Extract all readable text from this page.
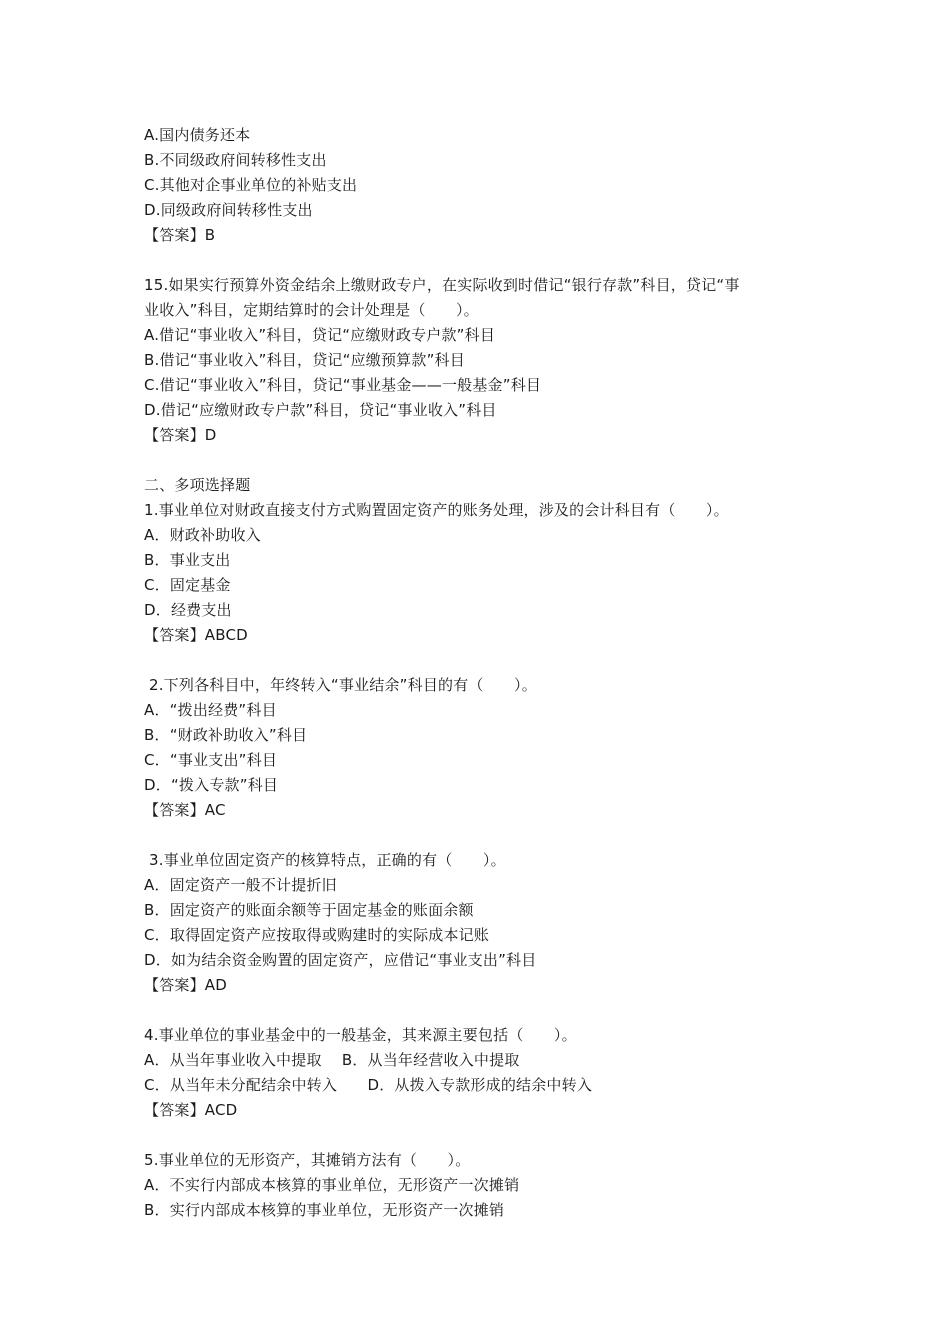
A.国内债务还本
B.不同级政府间转移性支出
C.其他对企事业单位的补贴支出
D.同级政府间转移性支出
【答案】B
15.如果实行预算外资金结余上缴财政专户，在实际收到时借记“银行存款”科目，贷记“事
业收入”科目，定期结算时的会计处理是（　　）。
A.借记“事业收入”科目，贷记“应缴财政专户款”科目
B.借记“事业收入”科目，贷记“应缴预算款”科目
C.借记“事业收入”科目，贷记“事业基金——一般基金”科目
D.借记“应缴财政专户款”科目，贷记“事业收入”科目
【答案】D
二、多项选择题
1.事业单位对财政直接支付方式购置固定资产的账务处理，涉及的会计科目有（　　）。
A．财政补助收入
B．事业支出
C．固定基金
D．经费支出
【答案】ABCD
2.下列各科目中，年终转入“事业结余”科目的有（　　）。
A．“拨出经费”科目
B．“财政补助收入”科目
C．“事业支出”科目
D．“拨入专款”科目
【答案】AC
3.事业单位固定资产的核算特点，正确的有（　　）。
A．固定资产一般不计提折旧
B．固定资产的账面余额等于固定基金的账面余额
C．取得固定资产应按取得或购建时的实际成本记账
D．如为结余资金购置的固定资产，应借记“事业支出”科目
【答案】AD
4.事业单位的事业基金中的一般基金，其来源主要包括（　　）。
A．从当年事业收入中提取　 B．从当年经营收入中提取
C．从当年未分配结余中转入　　D．从拨入专款形成的结余中转入
【答案】ACD
5.事业单位的无形资产，其摊销方法有（　　）。
A．不实行内部成本核算的事业单位，无形资产一次摊销
B．实行内部成本核算的事业单位，无形资产一次摊销
